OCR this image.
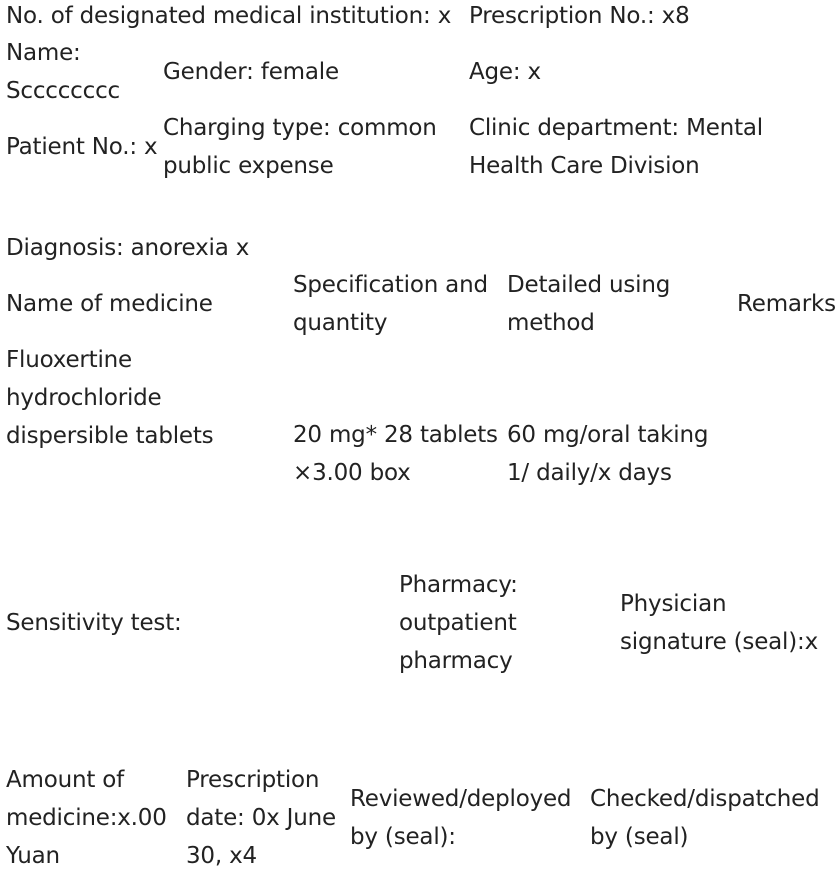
No. of designated medical institution: x Prescription No.: x8

Name: Scccccccc

Gender: female	Age: x

Patient No.: x

Charging type: common public expense

Clinic department: Mental Health Care Division

Diagnosis: anorexia x

Name of medicine

Specification and quantity

Detailed using method

Remarks

Fluoxertine hydrochloride dispersible tablets	20 mg* 28 tablets ×3.00 box

60 mg/oral taking 1/ daily/x days

Sensitivity test:

Pharmacy: outpatient pharmacy

Physician signature (seal):x

Amount of medicine:x.00 Yuan

Prescription date: 0x June 30, x4

Reviewed/deployed by (seal):

Checked/dispatched by (seal)
